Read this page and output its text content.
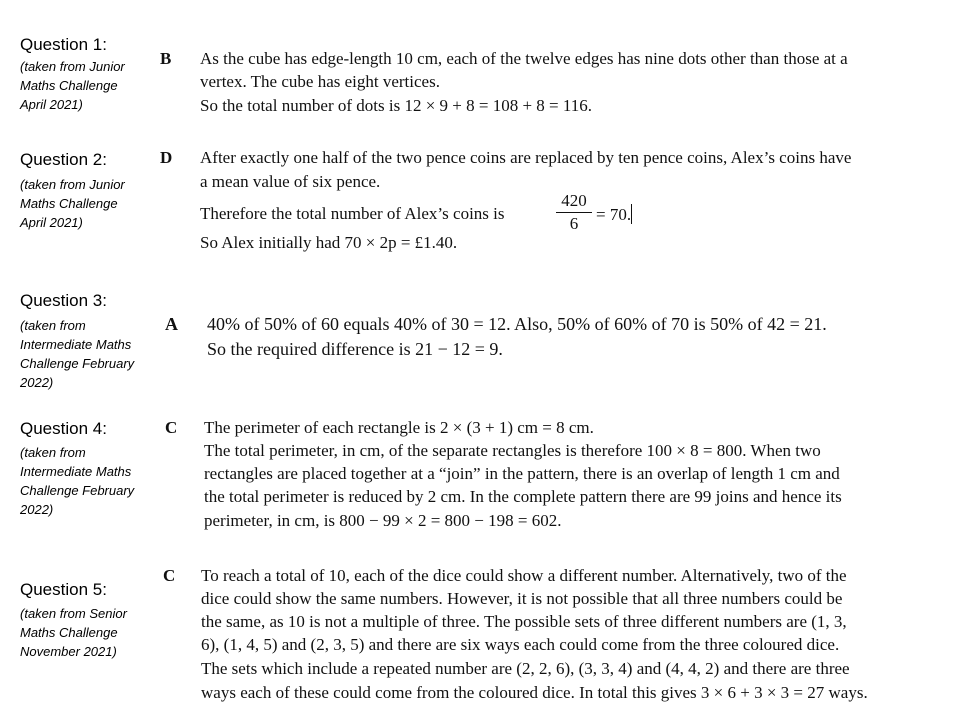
Question 1:
(taken from Junior
Maths Challenge
April 2021)
B As the cube has edge-length 10 cm, each of the twelve edges has nine dots other than those at a
vertex. The cube has eight vertices.
So the total number of dots is 12 × 9 + 8 = 108 + 8 = 116.
Question 2:
(taken from Junior
Maths Challenge
April 2021)
D After exactly one half of the two pence coins are replaced by ten pence coins, Alex’s coins have
a mean value of six pence.
Therefore the total number of Alex’s coins is
420
6	= 70.
So Alex initially had 70 × 2p = £1.40.
Question 3:
(taken from
Intermediate Maths
Challenge February
2022)
A 40% of 50% of 60 equals 40% of 30 = 12. Also, 50% of 60% of 70 is 50% of 42 = 21.
So the required difference is 21 − 12 = 9.
Question 4:
(taken from
Intermediate Maths
Challenge February
2022)
C The perimeter of each rectangle is 2 × (3 + 1) cm = 8 cm.
The total perimeter, in cm, of the separate rectangles is therefore 100 × 8 = 800. When two
rectangles are placed together at a “join” in the pattern, there is an overlap of length 1 cm and
the total perimeter is reduced by 2 cm. In the complete pattern there are 99 joins and hence its
perimeter, in cm, is 800 − 99 × 2 = 800 − 198 = 602.
Question 5:
(taken from Senior
Maths Challenge
November 2021)
C To reach a total of 10, each of the dice could show a different number. Alternatively, two of the
dice could show the same numbers. However, it is not possible that all three numbers could be
the same, as 10 is not a multiple of three. The possible sets of three different numbers are (1, 3,
6), (1, 4, 5) and (2, 3, 5) and there are six ways each could come from the three coloured dice.
The sets which include a repeated number are (2, 2, 6), (3, 3, 4) and (4, 4, 2) and there are three
ways each of these could come from the coloured dice. In total this gives 3 × 6 + 3 × 3 = 27 ways.
